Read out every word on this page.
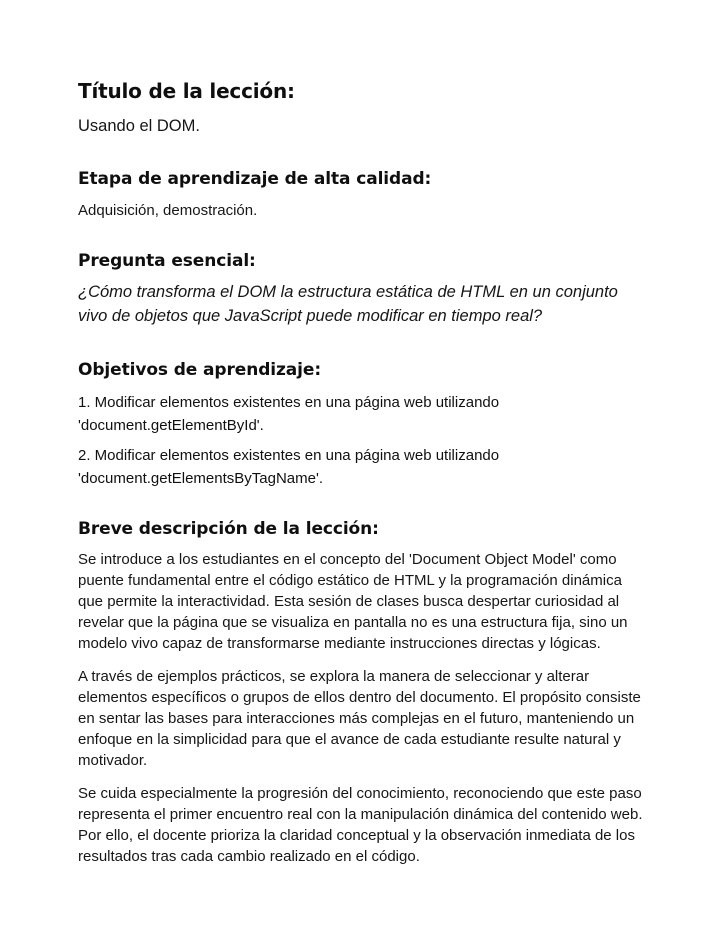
Título de la lección:

Usando el DOM.

Etapa de aprendizaje de alta calidad:

Adquisición, demostración.

Pregunta esencial:

¿Cómo transforma el DOM la estructura estática de HTML en un conjunto vivo de objetos que JavaScript puede modificar en tiempo real?

Objetivos de aprendizaje:
1. Modificar elementos existentes en una página web utilizando 'document.getElementById'.
2. Modificar elementos existentes en una página web utilizando 'document.getElementsByTagName'.
Breve descripción de la lección:

Se introduce a los estudiantes en el concepto del 'Document Object Model' como puente fundamental entre el código estático de HTML y la programación dinámica que permite la interactividad. Esta sesión de clases busca despertar curiosidad al revelar que la página que se visualiza en pantalla no es una estructura fija, sino un modelo vivo capaz de transformarse mediante instrucciones directas y lógicas.

A través de ejemplos prácticos, se explora la manera de seleccionar y alterar elementos específicos o grupos de ellos dentro del documento. El propósito consiste en sentar las bases para interacciones más complejas en el futuro, manteniendo un enfoque en la simplicidad para que el avance de cada estudiante resulte natural y motivador.

Se cuida especialmente la progresión del conocimiento, reconociendo que este paso representa el primer encuentro real con la manipulación dinámica del contenido web. Por ello, el docente prioriza la claridad conceptual y la observación inmediata de los resultados tras cada cambio realizado en el código.
